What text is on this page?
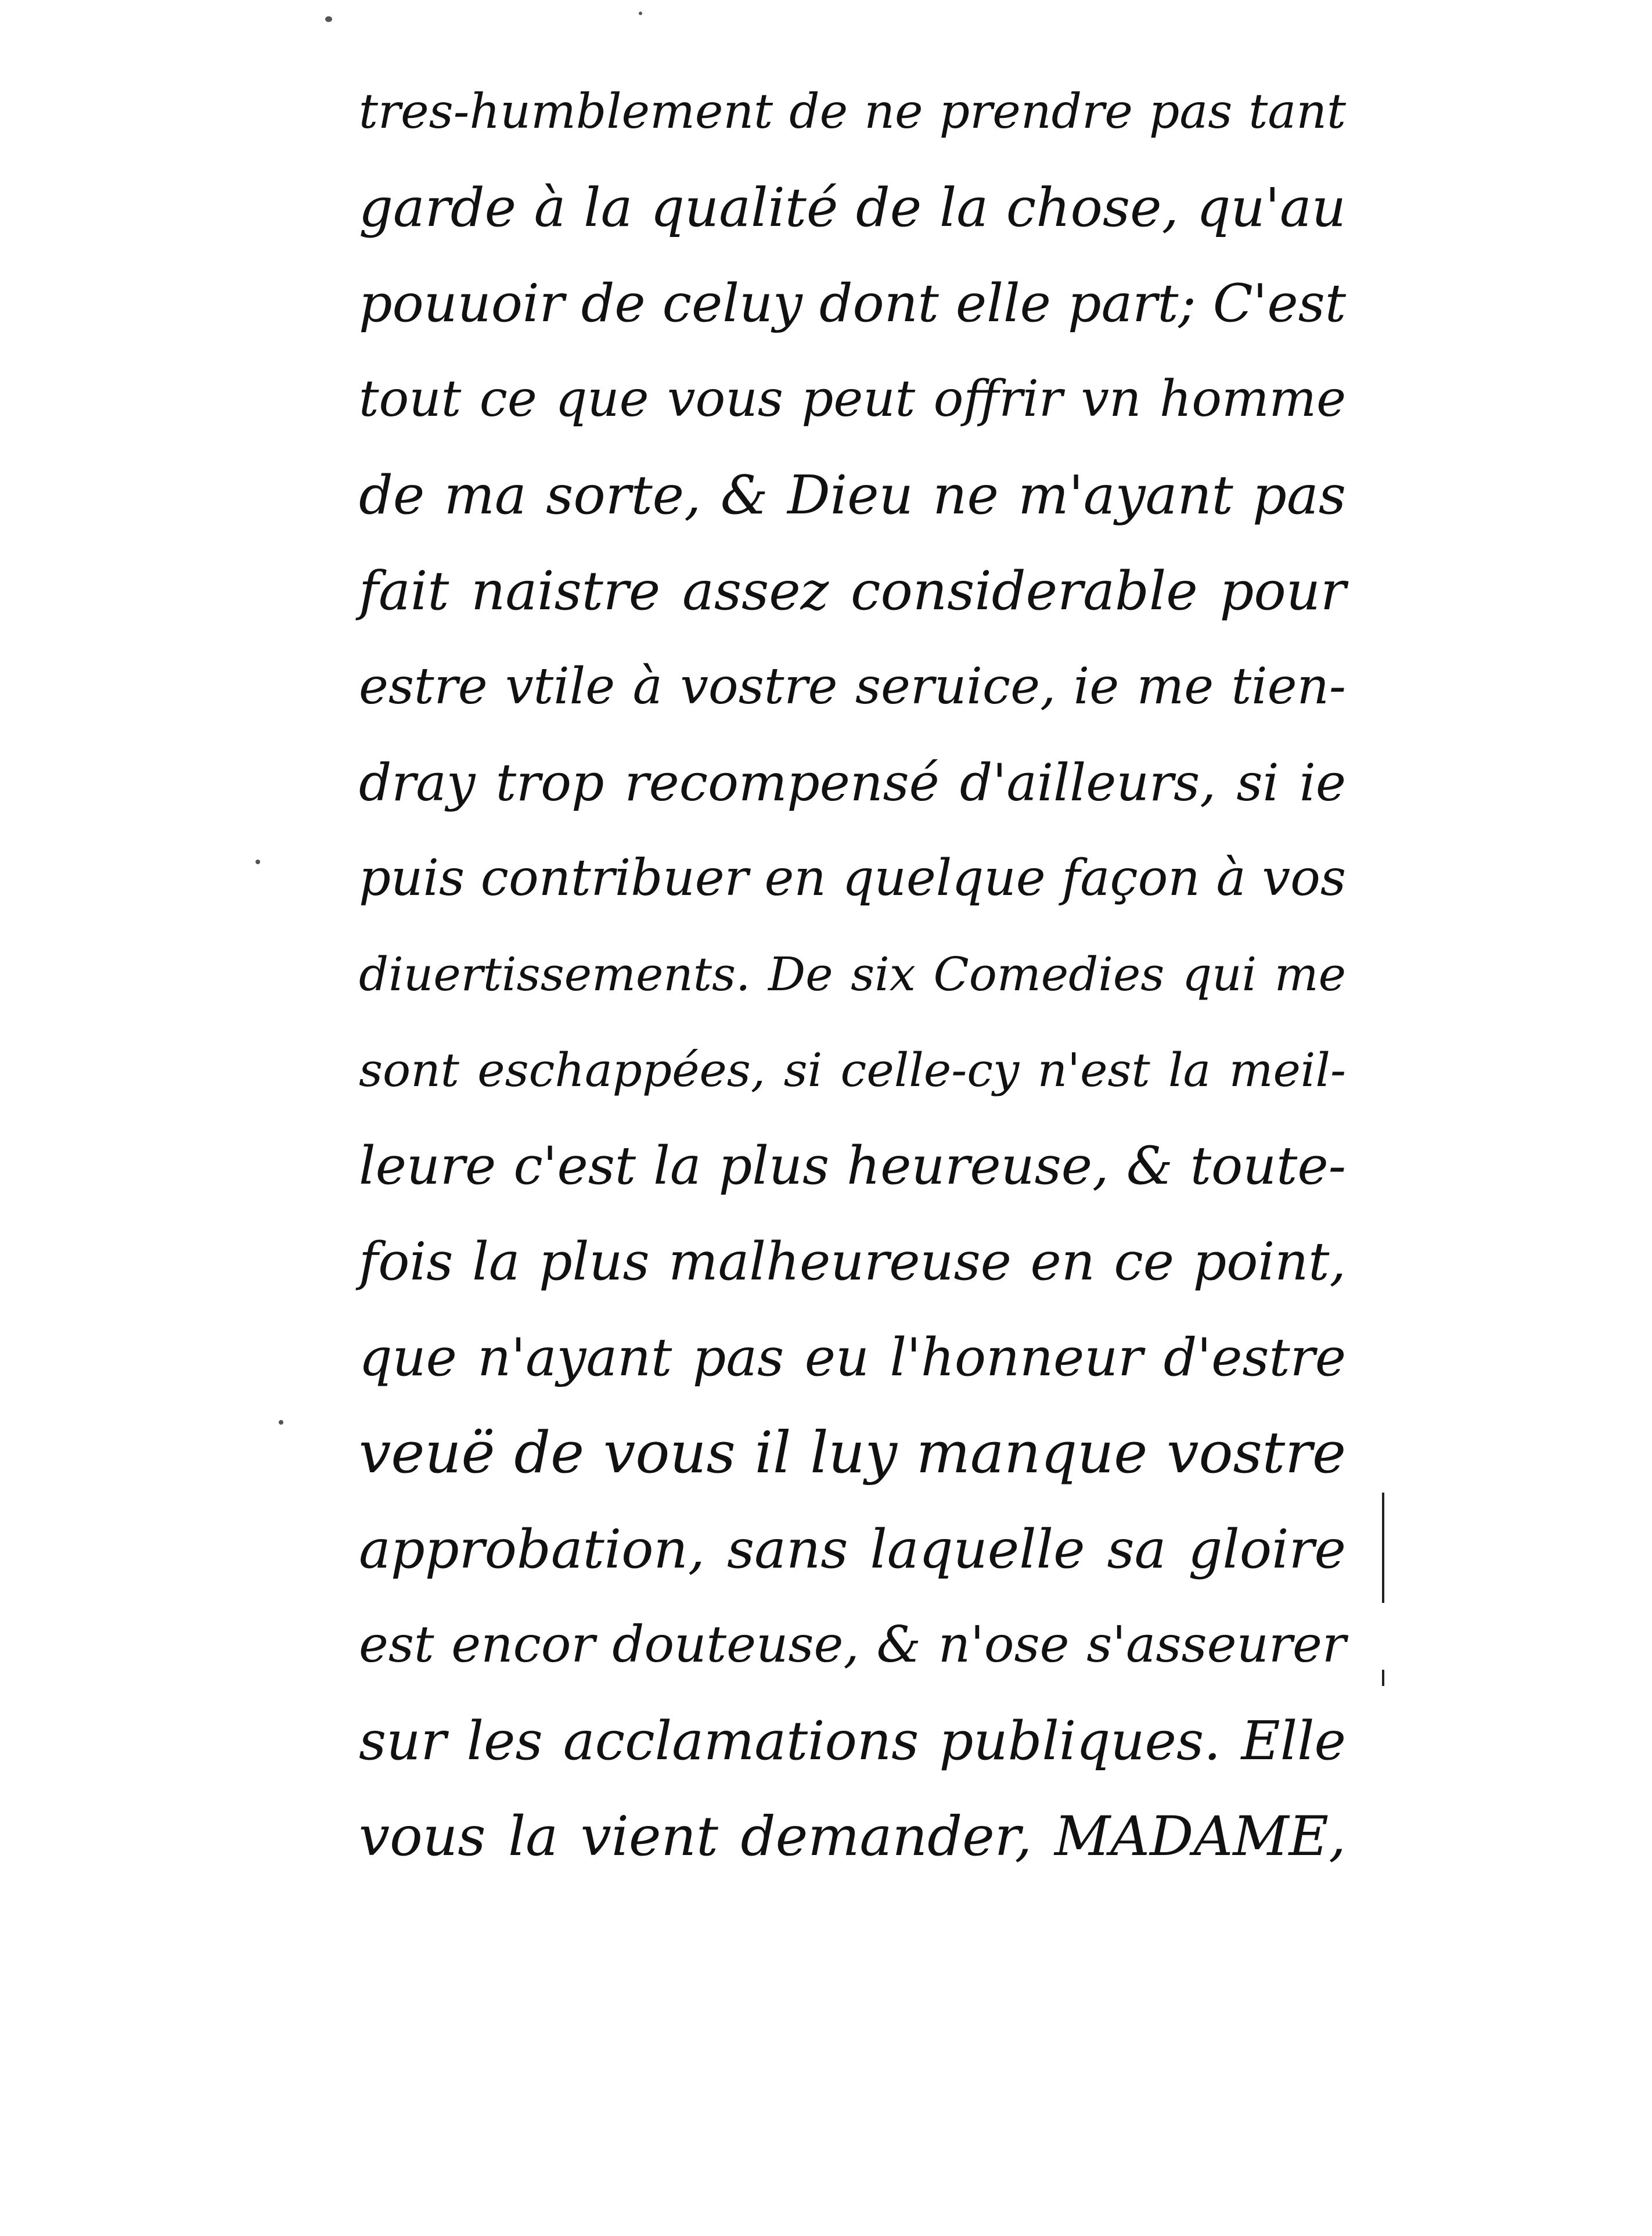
tres-humblement de ne prendre pas tant
garde à la qualité de la chose, qu'au
pouuoir de celuy dont elle part; C'est
tout ce que vous peut offrir vn homme
de ma sorte, & Dieu ne m'ayant pas
fait naistre assez considerable pour
estre vtile à vostre seruice, ie me tien-
dray trop recompensé d'ailleurs, si ie
puis contribuer en quelque façon à vos
diuertissements. De six Comedies qui me
sont eschappées, si celle-cy n'est la meil-
leure c'est la plus heureuse, & toute-
fois la plus malheureuse en ce point,
que n'ayant pas eu l'honneur d'estre
veuë de vous il luy manque vostre
approbation, sans laquelle sa gloire
est encor douteuse, & n'ose s'asseurer
sur les acclamations publiques. Elle
vous la vient demander, MADAME,
